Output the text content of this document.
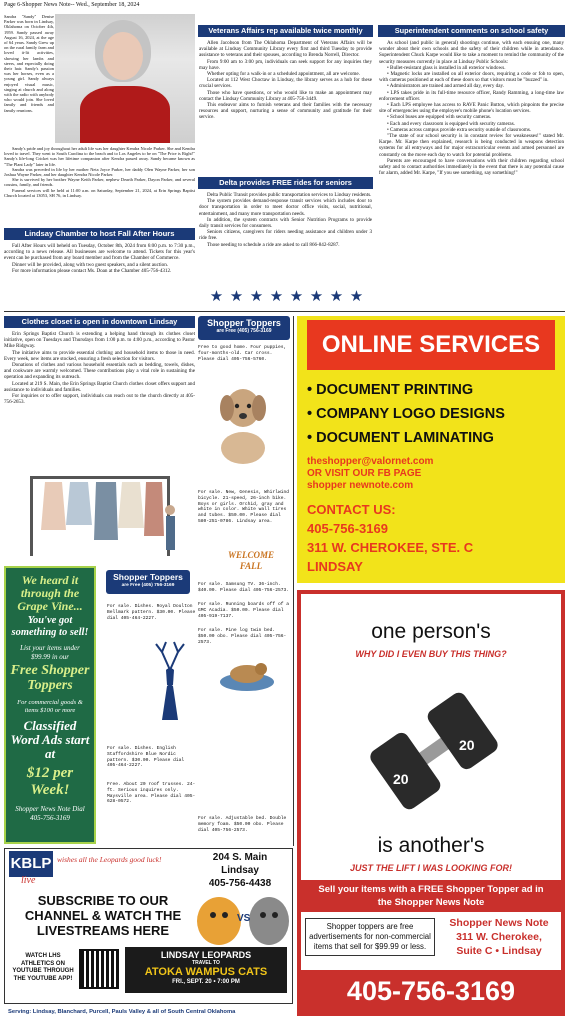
Page 6-Shopper News Note-- Wed., September 18, 2024
Sandra "Sandy" Denise Parker was born in Lindsay, Oklahoma on October 4th, 1959. Sandy passed away August 16, 2024, at the age of 64 years. Sandy Grew up on the rural family farm and loved it-lit activities, showing her lambs and steers, and especially doing their hair. Sandy's passion was her horses, even as a young girl. Sandy always enjoyed visual music, singing at church and along with the radio with anybody who would join. She loved family and friends and family reunions.

Sandy's pride and joy throughout her adult life was her daughter Kendra Nicole Parker. She and Kendra loved to travel. They went to South Carolina to the beach and to Los Angeles to be on "The Price is Right!" Sandy's life-long Cricket was her lifetime companion after Kendra passed away. Sandy became known as "The Plant Lady" later in life.

Sandra was preceded in life by her mother Neta Joyce Parker, her daddy Olen Wayne Parker, her son Joshua Wayne Parker, and her daughter Kendra Nicole Parker.

She is survived by her brother Wayne Keith Parker, nephew Dearth Parker, Dayon Parker, and several cousins, family, and friends.

Funeral services will be held at 11:00 a.m. on Saturday, September 21, 2024, at Erin Springs Baptist Church located at 13053, SH 76, in Lindsay.

Lindsay Chamber to host Fall After Hours

Fall After Hours will beheld on Tuesday, October 8th, 2024 from 6:00 p.m. to 7:30 p.m., according to a news release. All businesses are welcome to attend. Tickets for this year's event can be purchased from any board member and from the Chamber of Commerce.

Dinner will be provided, along with two guest speakers, and a silent auction.

For more information please contact Ms. Doan at the Chamber 405-756-4312.

Veterans Affairs rep available twice monthly

Allen Jacobson from The Oklahoma Department of Veterans Affairs will be available at Lindsay Community Library every first and third Tuesday to provide assistance to veterans and their spouses, according to Brenda Norrell, Director.

From 9:00 am to 3:00 pm, individuals can seek support for any inquiries they may have.

Whether opting for a walk-in or a scheduled appointment, all are welcome.

Located at 112 West Choctaw in Lindsay, the library serves as a hub for these crucial services.

Those who have questions, or who would like to make an appointment may contact the Lindsay Community Library at 405-756-3449.

This endeavor aims to furnish veterans and their families with the necessary resources and support, nurturing a sense of community and gratitude for their service.

Delta provides FREE rides for seniors

Delta Public Transit provides public transportation services to Lindsay residents.

The system provides demand-response transit services which includes door to door transportation in order to meet doctor office visits, social, nutritional, entertainment, and many more transportation needs.

In addition, the system contracts with Senior Nutrition Programs to provide daily transit services for consumers.

Seniors citizens, caregivers for riders needing assistance and children under 3 ride free.

Those needing to schedule a ride are asked to call 866-842-8287.

★ ★ ★ ★ ★ ★ ★ ★
Superintendent comments on school safety

As school (and public in general) shootings continue, with each ensuing one, many wonder about their own schools and the safety of their children while in attendance. Superintendent Chuck Karpe would like to take a moment to remind the community of the security measures currently in place at Lindsay Public Schools:

• Bullet-resistant glass is installed in all exterior windows.

• Magnetic locks are installed on all exterior doors, requiring a code or fob to open, with cameras positioned at each of these doors so that visitors must be "buzzed" in.

• Administrators are trained and armed all day, every day.

• LPS takes pride in its full-time resource officer, Randy Ramming, a long-time law enforcement officer.

• Each LPS employee has access to RAVE Panic Button, which pinpoints the precise site of emergencies using the employee's mobile phone's location services.

• School buses are equipped with security cameras.

• Each and every classroom is equipped with security cameras.

• Cameras across campus provide extra security outside of classrooms.

"The state of our school security is in constant review for weaknesses!" stated Mr. Karpe. Mr. Karpe then explained, research is being conducted in weapons detection systems for all entryways and for major extracurricular events and armed personnel are constantly on the move each day to watch for potential problems.

Parents are encouraged to have conversations with their children regarding school safety and to contact authorities immediately in the event that there is any potential cause for alarm, added Mr. Karpe, "If you see something, say something!"

Clothes closet is open in downtown Lindsay

Erin Springs Baptist Church is extending a helping hand through its clothes closet initiative, open on Tuesdays and Thursdays from 1:00 p.m. to 4:00 p.m., according to Pastor Mike Ridgway.

The initiative aims to provide essential clothing and household items to those in need. Every week, new items are stocked, ensuring a fresh selection for visitors.

Donations of clothes and various household essentials such as bedding, towels, dishes, and cookware are warmly welcomed. These contributions play a vital role in sustaining the operation and expanding its outreach.

Located at 219 S. Main, the Erin Springs Baptist Church clothes closet offers support and assistance to individuals and families.

For inquiries or to offer support, individuals can reach out to the church directly at 405-756-2653.

Shopper Toppers
are Free (405) 756-3169
Free to good home. Four puppies, four-months-old. Car cross. Please dial 405-756-5760.
For sale. New, Genesis, Whirlwind bicycle. 21-speed, 26-inch bike. Boys or girls. Orchid, gray and white in color. White wall tires and tubes. $50.00. Please dial 580-251-0786. Lindsay area.
WELCOME FALL
For sale. Samsung TV. 36-inch. $40.00. Please dial 405-756-2573.
For sale. Running boards off of a GMC Acadia. $50.00. Please dial 405-919-7137.
For sale. Pine log twin bed. $50.00 obo. Please dial 405-756-2573.
For sale. Adjustable bed. Double memory foam. $50.00 obo. Please dial 405-756-2573.
We heard it through the Grape Vine...
You've got something to sell!
List your items under $99.99 in our
Free Shopper Toppers
For commercial goods & items $100 or more
Classified Word Ads start at
$12 per Week!
Shopper News Note Dial 405-756-3169
Shopper Toppers
are Free (405) 756-3169
For sale. Dishes. Royal Doulton Bellmark pattern. $30.00. Please dial 405-464-2227.
For sale. Dishes. English Staffordshire Blue Nordic pattern. $30.00. Please dial 405-464-2227.
Free. About 20 roof trusses. 24-ft. Serious inquires only. Maysville area. Please dial 405-628-0572.
ONLINE SERVICES
• DOCUMENT PRINTING
• COMPANY LOGO DESIGNS
• DOCUMENT LAMINATING
theshopper@valornet.com
OR VISIT OUR FB PAGE
shopper newnote.com
CONTACT US:
405-756-3169
311 W. CHEROKEE, STE. C
LINDSAY
one person's
WHY DID I EVEN BUY THIS THING?
20
20
is another's
JUST THE LIFT I WAS LOOKING FOR!
Sell your items with a FREE Shopper Topper ad in the Shopper News Note
Shopper toppers are free advertisements for non-commercial items that sell for $99.99 or less.
Shopper News Note
311 W. Cherokee,
Suite C • Lindsay
405-756-3169
KBLP
live
wishes all the Leopards good luck!	204 S. Main
Lindsay
405-756-4438
SUBSCRIBE TO OUR CHANNEL & WATCH THE LIVESTREAMS HERE
VS
WATCH LHS ATHLETICS ON YOUTUBE THROUGH THE YOUTUBE APP!
LINDSAY LEOPARDS
TRAVEL TO
ATOKA WAMPUS CATS
FRI., SEPT. 20 • 7:00 PM
Serving: Lindsay, Blanchard, Purcell, Pauls Valley & all of South Central Oklahoma
